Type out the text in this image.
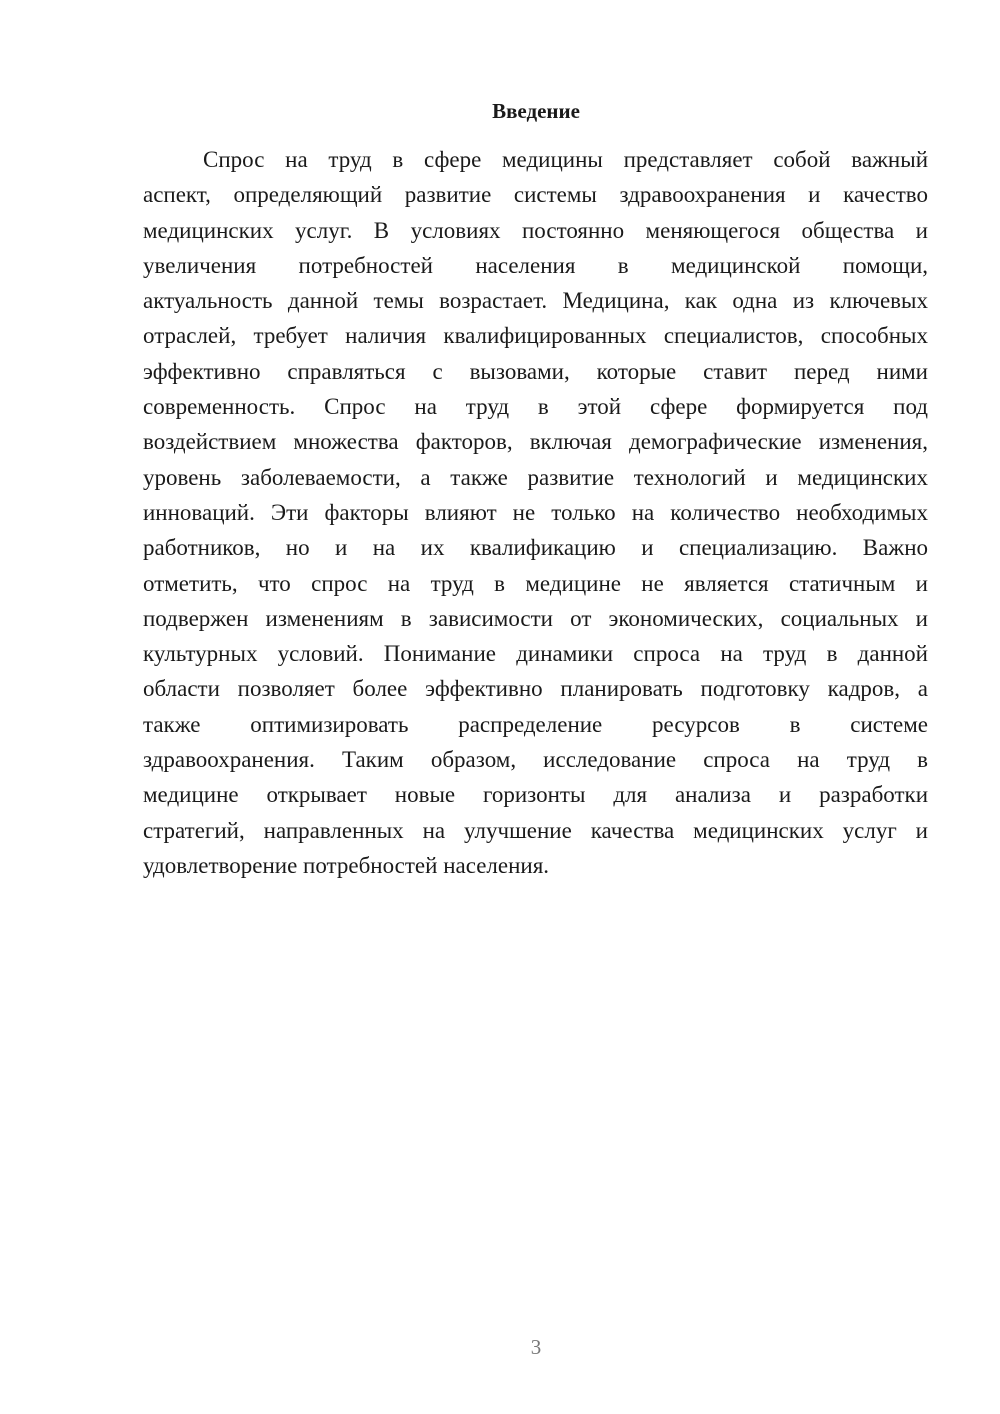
Введение
Спрос на труд в сфере медицины представляет собой важный
аспект, определяющий развитие системы здравоохранения и качество
медицинских услуг. В условиях постоянно меняющегося общества и
увеличения потребностей населения в медицинской помощи,
актуальность данной темы возрастает. Медицина, как одна из ключевых
отраслей, требует наличия квалифицированных специалистов, способных
эффективно справляться с вызовами, которые ставит перед ними
современность. Спрос на труд в этой сфере формируется под
воздействием множества факторов, включая демографические изменения,
уровень заболеваемости, а также развитие технологий и медицинских
инноваций. Эти факторы влияют не только на количество необходимых
работников, но и на их квалификацию и специализацию. Важно
отметить, что спрос на труд в медицине не является статичным и
подвержен изменениям в зависимости от экономических, социальных и
культурных условий. Понимание динамики спроса на труд в данной
области позволяет более эффективно планировать подготовку кадров, а
также оптимизировать распределение ресурсов в системе
здравоохранения. Таким образом, исследование спроса на труд в
медицине открывает новые горизонты для анализа и разработки
стратегий, направленных на улучшение качества медицинских услуг и
удовлетворение потребностей населения.
3
